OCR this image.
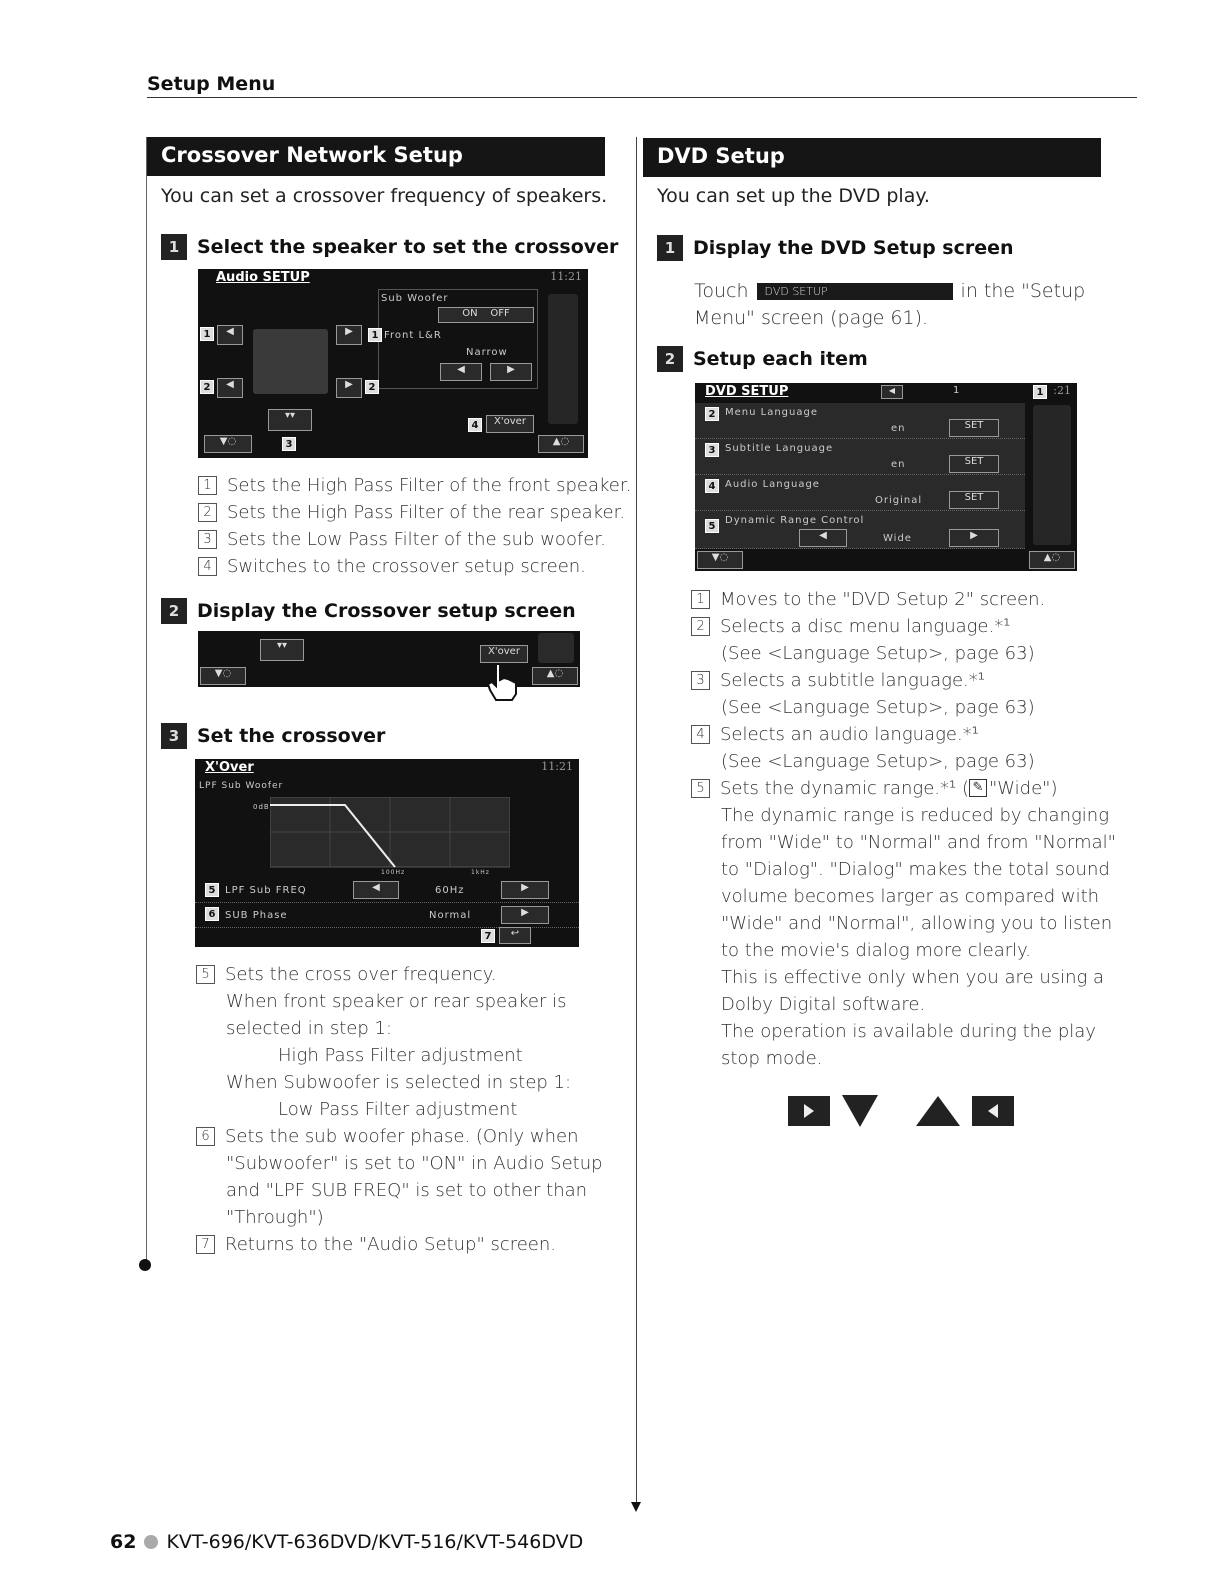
Setup Menu
Crossover Network Setup
You can set a crossover frequency of speakers.
1 Select the speaker to set the crossover
Audio SETUP	11:21
Sub Woofer
ON OFF
1 Front L&R
Narrow
◀	▶
1	◀	▶
2	◀	▶	2
▾▾
3
4	X'over
▼◌	▲◌
1 Sets the High Pass Filter of the front speaker.
2 Sets the High Pass Filter of the rear speaker.
3 Sets the Low Pass Filter of the sub woofer.
4 Switches to the crossover setup screen.
2 Display the Crossover setup screen
▾▾
X'over
▼◌	▲◌
3 Set the crossover
X'Over	11:21
LPF Sub Woofer
0dB
100Hz	1kHz
5 LPF Sub FREQ	◀	60Hz	▶
6 SUB Phase	Normal	▶
7	↩
5 Sets the cross over frequency.
When front speaker or rear speaker is
selected in step 1:
High Pass Filter adjustment
When Subwoofer is selected in step 1:
Low Pass Filter adjustment
6 Sets the sub woofer phase. (Only when
"Subwoofer" is set to "ON" in Audio Setup
and "LPF SUB FREQ" is set to other than
"Through")
7 Returns to the "Audio Setup" screen.
DVD Setup
You can set up the DVD play.
1 Display the DVD Setup screen
Touch	DVD SETUP	in the "Setup
Menu" screen (page 61).
2 Setup each item
DVD SETUP	◀	1	1 :21
2 Menu Language
en	SET
3 Subtitle Language
en	SET
4 Audio Language
Original	SET
5
Dynamic Range Control
◀	Wide	▶
▼◌	▲◌
1 Moves to the "DVD Setup 2" screen.
2 Selects a disc menu language.*¹
(See <Language Setup>, page 63)
3 Selects a subtitle language.*¹
(See <Language Setup>, page 63)
4 Selects an audio language.*¹
(See <Language Setup>, page 63)
5 Sets the dynamic range.*¹ ( ✎ "Wide")
The dynamic range is reduced by changing
from "Wide" to "Normal" and from "Normal"
to "Dialog". "Dialog" makes the total sound
volume becomes larger as compared with
"Wide" and "Normal", allowing you to listen
to the movie's dialog more clearly.
This is effective only when you are using a
Dolby Digital software.
The operation is available during the play
stop mode.
62 KVT-696/KVT-636DVD/KVT-516/KVT-546DVD
